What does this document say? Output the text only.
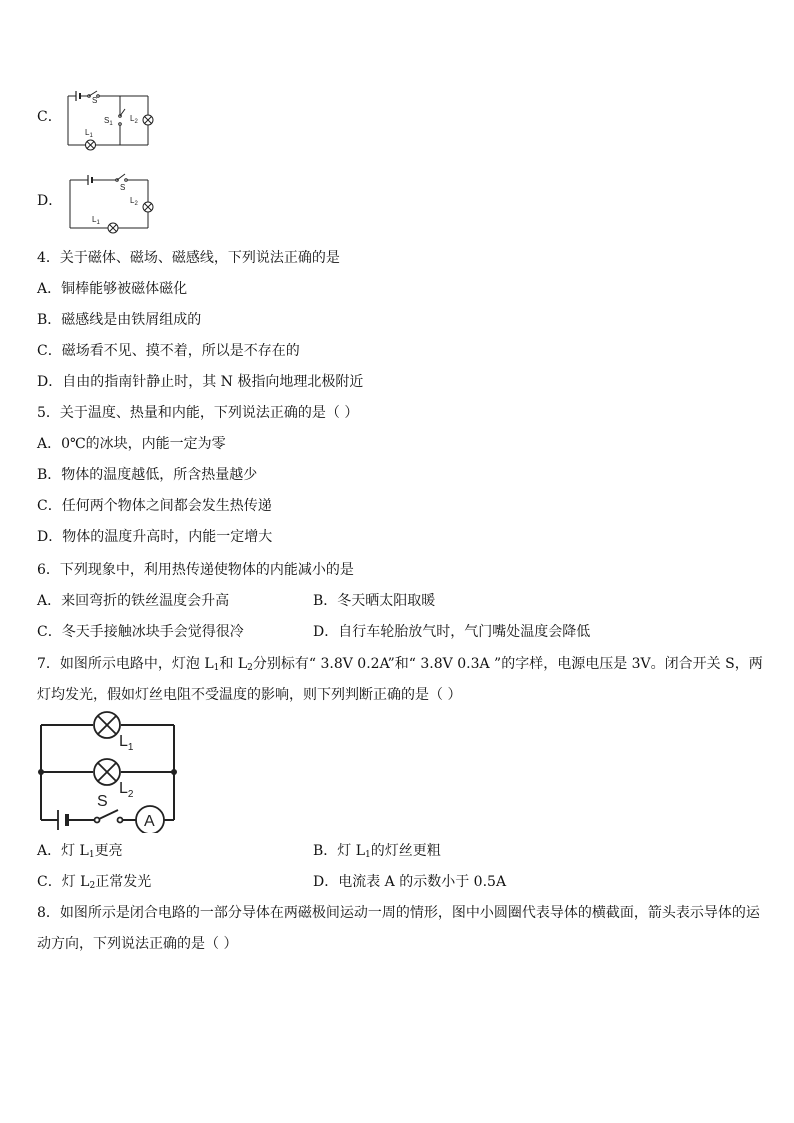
C．
S
$S_1$
$L_1$
$L_2$
D．
S
$L_1$
$L_2$
4．关于磁体、磁场、磁感线，下列说法正确的是
A．铜棒能够被磁体磁化
B．磁感线是由铁屑组成的
C．磁场看不见、摸不着，所以是不存在的
D．自由的指南针静止时，其 N 极指向地理北极附近
5．关于温度、热量和内能，下列说法正确的是（ ）
A．0℃的冰块，内能一定为零
B．物体的温度越低，所含热量越少
C．任何两个物体之间都会发生热传递
D．物体的温度升高时，内能一定增大
6．下列现象中，利用热传递使物体的内能减小的是
A．来回弯折的铁丝温度会升高	B．冬天晒太阳取暖
C．冬天手接触冰块手会觉得很冷	D．自行车轮胎放气时，气门嘴处温度会降低
7．如图所示电路中，灯泡 $L_1$和 $L_2$分别标有“ 3.8V 0.2A”和“ 3.8V 0.3A ”的字样，电源电压是 3V。闭合开关 S，两
灯均发光，假如灯丝电阻不受温度的影响，则下列判断正确的是（ ）
$L_1$
$L_2$
S
A
A．灯 $L_1$更亮	B．灯 $L_1$的灯丝更粗
C．灯 $L_2$正常发光	D．电流表 A 的示数小于 0.5A
8．如图所示是闭合电路的一部分导体在两磁极间运动一周的情形，图中小圆圈代表导体的横截面，箭头表示导体的运
动方向，下列说法正确的是（ ）
